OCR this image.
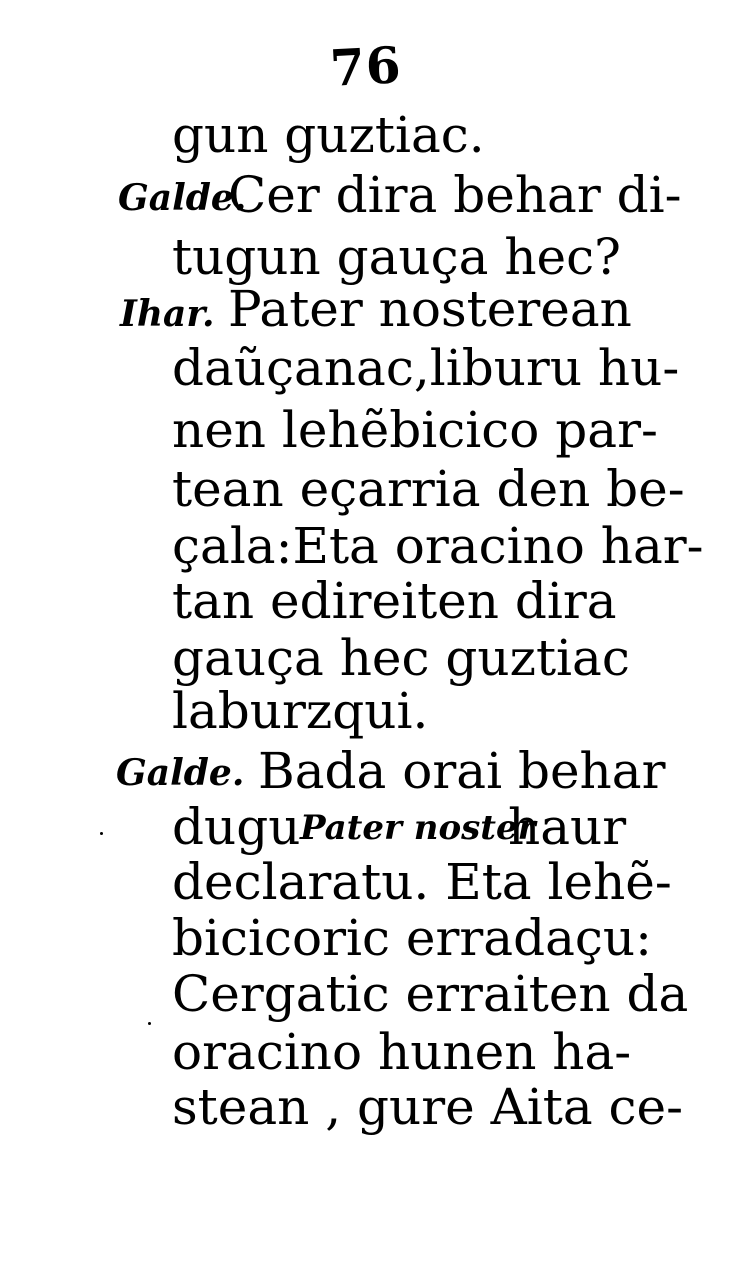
76
gun guztiac.
Galde.
Cer dira behar di-
tugun gauça hec?
Ihar. Pater nosterean
daũçanac,liburu hu-
nen lehẽbicico par-
tean eçarria den be-
çala:Eta oracino har-
tan edireiten dira
gauça hec guztiac
laburzqui.
Galde. Bada orai behar
dugu Pater noster
haur
declaratu. Eta lehẽ-
bicicoric erradaçu:
Cergatic erraiten da
oracino hunen ha-
stean , gure Aita ce-
